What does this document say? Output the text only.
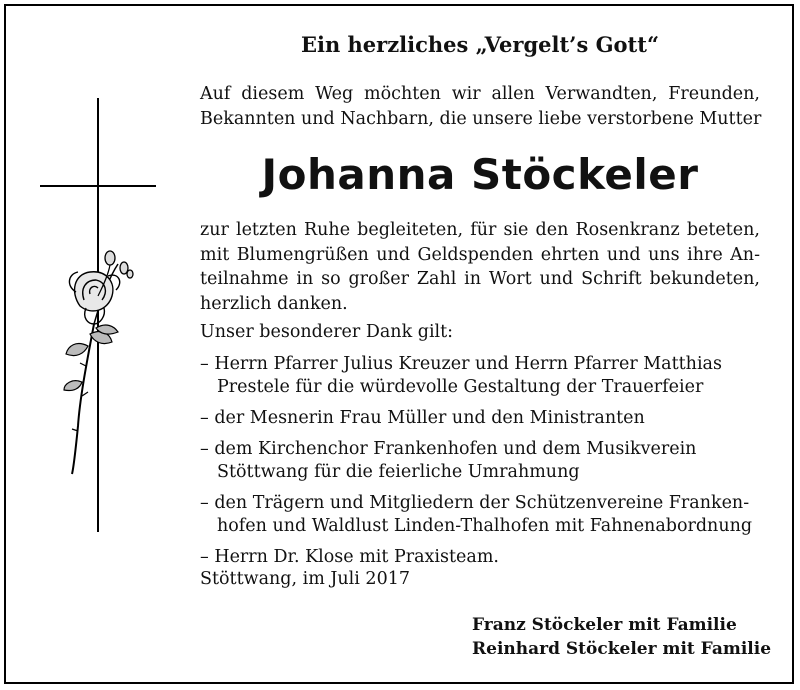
Ein herzliches „Vergelt’s Gott“
Auf diesem Weg möchten wir allen Verwandten, Freunden,
Bekannten und Nachbarn, die unsere liebe verstorbene Mutter
Johanna Stöckeler
zur letzten Ruhe begleiteten, für sie den Rosenkranz beteten,
mit Blumengrüßen und Geldspenden ehrten und uns ihre An-
teilnahme in so großer Zahl in Wort und Schrift bekundeten,
herzlich danken.
Unser besonderer Dank gilt:
– Herrn Pfarrer Julius Kreuzer und Herrn Pfarrer Matthias
Prestele für die würdevolle Gestaltung der Trauerfeier
– der Mesnerin Frau Müller und den Ministranten
– dem Kirchenchor Frankenhofen und dem Musikverein
Stöttwang für die feierliche Umrahmung
– den Trägern und Mitgliedern der Schützenvereine Franken-
hofen und Waldlust Linden-Thalhofen mit Fahnenabordnung
– Herrn Dr. Klose mit Praxisteam.
Stöttwang, im Juli 2017
Franz Stöckeler mit Familie
Reinhard Stöckeler mit Familie
